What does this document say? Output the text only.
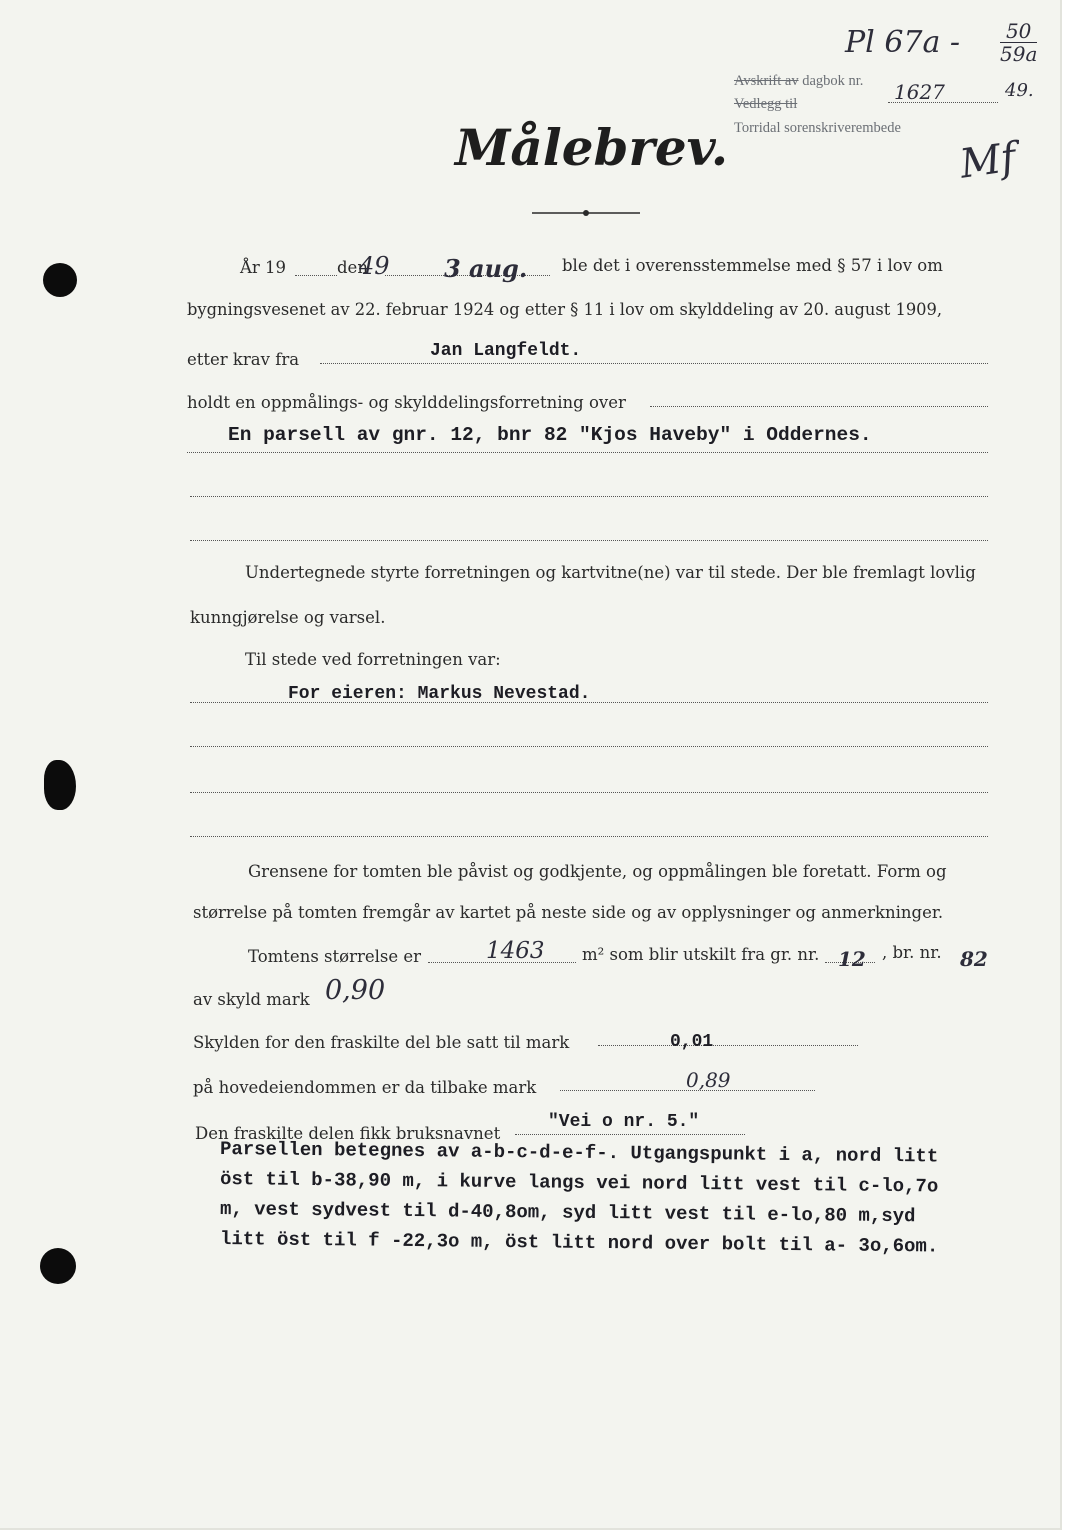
Pl 67a - 50
59a
Avskrift av dagbok nr. 1627	49.
Vedlegg til
Torridal sorenskriverembede
Mf
Målebrev.
År 19	den
49 3 aug. ble det i overensstemmelse med § 57 i lov om
bygningsvesenet av 22. februar 1924 og etter § 11 i lov om skylddeling av 20. august 1909,
etter krav fra	Jan Langfeldt.
holdt en oppmålings- og skylddelingsforretning over
En parsell av gnr. 12, bnr 82 "Kjos Haveby" i Oddernes.
Undertegnede styrte forretningen og kartvitne(ne) var til stede. Der ble fremlagt lovlig
kunngjørelse og varsel.
Til stede ved forretningen var:
For eieren: Markus Nevestad.
Grensene for tomten ble påvist og godkjente, og oppmålingen ble foretatt. Form og
størrelse på tomten fremgår av kartet på neste side og av opplysninger og anmerkninger.
Tomtens størrelse er	1463 m² som blir utskilt fra gr. nr. 12 , br. nr. 82
av skyld mark 0,90
Skylden for den fraskilte del ble satt til mark	0,01
på hovedeiendommen er da tilbake mark	0,89
Den fraskilte delen fikk bruksnavnet
"Vei o nr. 5."
Parsellen betegnes av a-b-c-d-e-f-. Utgangspunkt i a, nord litt
öst til b-38,90 m, i kurve langs vei nord litt vest til c-lo,7o
m, vest sydvest til d-40,8om, syd litt vest til e-lo,80 m,syd
litt öst til f -22,3o m, öst litt nord over bolt til a- 3o,6om.
